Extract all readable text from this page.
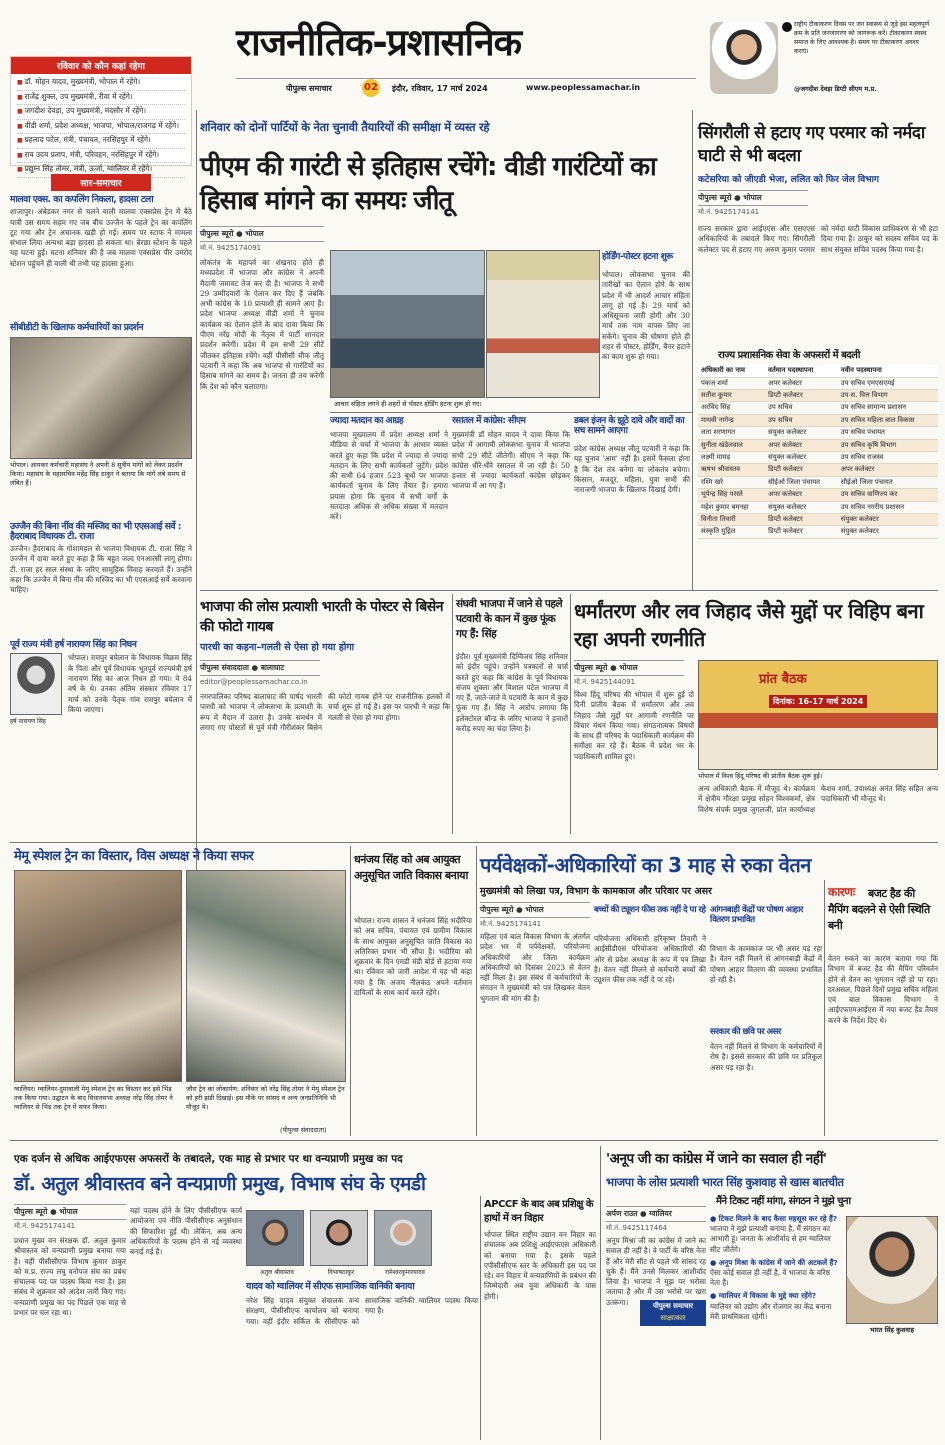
राजनीतिक-प्रशासनिक
पीपुल्स समाचार	02 इंदौर, रविवार, 17 मार्च 2024	www.peoplessamachar.in
राष्ट्रीय टीकाकरण दिवस पर जन स्वास्थ्य से जुड़े इस महत्वपूर्ण क्रम के प्रति जनजागरण को जागरूक करें। टीकाकरण स्वस्थ समाज के लिए आवश्यक है। समय पर टीकाकरण अवश्य कराएं।
@जगदीश देवड़ा डिप्टी सीएम म.प्र.
रविवार को कौन कहां रहेगा
■ डॉ. मोहन यादव, मुख्यमंत्री, भोपाल में रहेंगे।
■ राजेंद्र शुक्ल, उप मुख्यमंत्री, रीवा में रहेंगे।
■ जगदीश देवड़ा, उप मुख्यमंत्री, मंदसौर में रहेंगे।
■ वीडी शर्मा, प्रदेश अध्यक्ष, भाजपा, भोपाल/राजगढ़ में रहेंगे।
■ प्रहलाद पटेल, मंत्री, पंचायत, नरसिंहपुर में रहेंगे।
■ राव उदय प्रताप, मंत्री, परिवहन, नरसिंहपुर में रहेंगे।
■ प्रद्युम्न सिंह तोमर, मंत्री, ऊर्जा, ग्वालियर में रहेंगे।
सार-समाचार
मालवा एक्स. का कपलिंग निकला, हादसा टला
शाजापुर। अंबेडकर नगर से चलने वाली मालवा एक्सप्रेस ट्रेन में बैठे यात्री उस समय सहम गए जब बीच उज्जैन के पहले ट्रेन का कपलिंग टूट गया और ट्रेन अचानक खड़ी हो गई। समय पर स्टाफ ने मामला संभाल लिया अन्यथा बड़ा हादसा हो सकता था। बेरछा स्टेशन के पहले यह घटना हुई। घटना शनिवार की है जब मालवा एक्सप्रेस पीर उमरोद स्टेशन पहुंचने ही वाली थी तभी यह हादसा हुआ।
सीबीडीटी के खिलाफ कर्मचारियों का प्रदर्शन
भोपाल। आयकर कर्मचारी महासंघ ने अपनी 8 सूत्रीय मांगों को लेकर प्रदर्शन किया। महासंघ के महासचिव महेंद्र सिंह ठाकुर ने बताया कि मांगें लंबे समय से लंबित हैं।
उज्जैन की बिना नींव की मस्जिद का भी एएसआई सर्वे : हैदराबाद विधायक टी. राजा
उज्जैन। हैदराबाद के गोशामहल से भाजपा विधायक टी. राजा सिंह ने उज्जैन में दावा करते हुए कहा है कि बहुत जल्द एनआरसी लागू होगा। टी. राजा हर साल संस्था के जरिए सामूहिक विवाह करवाते हैं। उन्होंने कहा कि उज्जैन में बिना नींव की मस्जिद का भी एएसआई सर्वे करवाना चाहिए।
पूर्व राज्य मंत्री हर्ष नारायण सिंह का निधन
हर्ष नारायण सिंह
भोपाल। रामपुर बघेलान के विधायक विक्रम सिंह के पिता और पूर्व विधायक भूतपूर्व राज्यमंत्री हर्ष नारायण सिंह का आज निधन हो गया। वे 84 वर्ष के थे। उनका अंतिम संस्कार रविवार 17 मार्च को उनके पैतृक गांव रामपुर बघेलान में किया जाएगा।
शनिवार को दोनों पार्टियों के नेता चुनावी तैयारियों की समीक्षा में व्यस्त रहे
पीएम की गारंटी से इतिहास रचेंगे: वीडी गारंटियों का हिसाब मांगने का समयः जीतू
पीपुल्स ब्यूरो ● भोपाल
मो.नं. 9425174091
लोकतंत्र के महापर्व का शंखनाद होते ही मध्यप्रदेश में भाजपा और कांग्रेस ने अपनी मैदानी जमावट तेज कर दी है। भाजपा ने सभी 29 उम्मीदवारों के ऐलान कर दिए हैं जबकि अभी कांग्रेस के 10 प्रत्याशी ही सामने आए हैं। प्रदेश भाजपा अध्यक्ष वीडी शर्मा ने चुनाव कार्यक्रम का ऐलान होने के बाद दावा किया कि पीएम नरेंद्र मोदी के नेतृत्व में पार्टी शानदार प्रदर्शन करेगी। प्रदेश में हम सभी 29 सीटें जीतकर इतिहास रचेंगे। वहीं पीसीसी चीफ जीतू पटवारी ने कहा कि अब भाजपा से गारंटियों का हिसाब मांगने का समय है। जनता ही तय करेगी कि देश को कौन चलाएगा।
आचार संहिता लगने ही शहरों से पोस्टर होर्डिंग हटना शुरू हो गए।
होर्डिंग-पोस्टर हटना शुरू
भोपाल। लोकसभा चुनाव की तारीखों का ऐलान होने के साथ प्रदेश में भी आदर्श आचार संहिता लागू हो गई है। 29 मार्च को अधिसूचना जारी होगी और 30 मार्च तक नाम वापस लिए जा सकेंगे। चुनाव की घोषणा होते ही शहर से पोस्टर, होर्डिंग, बैनर हटाने का काम शुरू हो गया।
ज्यादा मतदान का आग्रह
भाजपा मुख्यालय में प्रदेश अध्यक्ष शर्मा ने मीडिया से चर्चा में भाजपा के आभार व्यक्त करते हुए कहा कि प्रदेश में ज्यादा से ज्यादा मतदान के लिए सभी कार्यकर्ता जुटेंगे। प्रदेश की सभी 64 हजार 523 बूथों पर भाजपा कार्यकर्ता चुनाव के लिए तैयार हैं। हमारा प्रयास होगा कि चुनाव में सभी वर्गों के मतदाता अधिक से अधिक संख्या में मतदान करें।
रसातल में कांग्रेस: सीएम
मुख्यमंत्री डॉ मोहन यादव ने दावा किया कि प्रदेश में आगामी लोकसभा चुनाव में भाजपा सभी 29 सीटें जीतेगी। सीएम ने कहा कि कांग्रेस धीरे-धीरे रसातल में जा रही है। 50 हजार से ज्यादा कार्यकर्ता कांग्रेस छोड़कर भाजपा में आ गए हैं।
डबल इंजन के झूठे दावे और वादों का सच सामने आएगा
प्रदेश कांग्रेस अध्यक्ष जीतू पटवारी ने कहा कि यह चुनाव 'आम' नहीं है। इसमें फैसला होना है कि देश तंत्र बनेगा या लोकतंत्र बचेगा। किसान, मजदूर, महिला, युवा सभी की नाराजगी भाजपा के खिलाफ दिखाई देगी।
सिंगरौली से हटाए गए परमार को नर्मदा घाटी से भी बदला
कटेसरिया को जीएडी भेजा, ललित को फिर जेल विभाग
पीपुल्स ब्यूरो ● भोपाल
मो.नं. 9425174141
राज्य सरकार द्वारा आईएएस और एसएएस अधिकारियों के तबादले किए गए। सिंगरौली कलेक्टर पद से हटाए गए अरुण कुमार परमार को नर्मदा घाटी विकास प्राधिकरण से भी हटा दिया गया है। ठाकुर को सदस्य सचिव पद के साथ संयुक्त सचिव पदस्थ किया गया है।
राज्य प्रशासनिक सेवा के अफसरों में बदली
अधिकारी का नाम	वर्तमान पदस्थापना	नवीन पदस्थापना
पंकज शर्मा	अपर कलेक्टर	उप सचिव एमएसएमई
सतीश कुमार	डिप्टी कलेक्टर	उप स. वित्त विभाग
अरविंद सिंह	उप सचिव	उप सचिव सामान्य प्रशासन
माधवी नागेन्द्र	उप सचिव	उप सचिव महिला बाल विकास
लता शरणागत	संयुक्त कलेक्टर	उप सचिव पंचायत
सुनीता खंडेलवाल	अपर कलेक्टर	उप सचिव कृषि विभाग
लक्ष्मी मामड़	संयुक्त कलेक्टर	उप सचिव राजस्व
ऋषभ श्रीवास्तव	डिप्टी कलेक्टर	अपर कलेक्टर
रश्मि खरे	सीईओ जिला पंचायत	सीईओ जिला पंचायत
भूपेन्द्र सिंह परस्ते	अपर कलेक्टर	उप सचिव वाणिज्य कर
महेश कुमार बमनहा	संयुक्त कलेक्टर	उप सचिव नगरीय प्रशासन
विनीता तिवारी	डिप्टी कलेक्टर	संयुक्त कलेक्टर
संस्कृति मुद्गिल	डिप्टी कलेक्टर	संयुक्त कलेक्टर
भाजपा की लोस प्रत्याशी भारती के पोस्टर से बिसेन की फोटो गायब
पारधी का कहना–गलती से ऐसा हो गया होगा
पीपुल्स संवाददाता ● बालाघाट
editor@peoplessamachar.co.in
नगरपालिका परिषद बालाघाट की पार्षद भारती पारधी को भाजपा ने लोकसभा के प्रत्याशी के रूप में मैदान में उतारा है। उनके समर्थन में लगाए गए पोस्टरों से पूर्व मंत्री गौरीशंकर बिसेन की फोटो गायब होने पर राजनीतिक हलकों में चर्चा शुरू हो गई है। इस पर पारधी ने कहा कि गलती से ऐसा हो गया होगा।
संघवी भाजपा में जाने से पहले पटवारी के कान में कुछ फूंक गए हैं: सिंह
इंदौर। पूर्व मुख्यमंत्री दिग्विजय सिंह शनिवार को इंदौर पहुंचे। उन्होंने पत्रकारों से चर्चा करते हुए कहा कि कांग्रेस के पूर्व विधायक संजय शुक्ला और विशाल पटेल भाजपा में गए हैं, जाते-जाते वे पटवारी के कान में कुछ फूंक गए हैं। सिंह ने आरोप लगाया कि इलेक्टोरल बॉन्ड के जरिए भाजपा ने हजारों करोड़ रुपए का चंदा लिया है।
धर्मांतरण और लव जिहाद जैसे मुद्दों पर विहिप बना रहा अपनी रणनीति
पीपुल्स ब्यूरो ● भोपाल
मो.नं. 9425144091
विश्व हिंदू परिषद की भोपाल में शुरू हुई दो दिनी प्रांतीय बैठक में धर्मांतरण और लव जिहाद जैसे मुद्दों पर आगामी रणनीति पर विचार मंथन किया गया। संगठनात्मक विषयों के साथ ही परिषद के पदाधिकारी कार्यक्रम की समीक्षा कर रहे हैं। बैठक में प्रदेश भर के पदाधिकारी शामिल हुए।
प्रांत बैठक
दिनांक: 16-17 मार्च 2024
भोपाल में विश्व हिंदू परिषद की प्रांतीय बैठक शुरू हुई।
अन्य अधिकारी बैठक में मौजूद थे। कार्यक्रम में क्षेत्रीय गौरक्षा प्रमुख सोहन विश्वकर्मा, क्षेत्र विशेष संपर्क प्रमुख जुगलजी, प्रांत कार्याध्यक्ष केशव शर्मा, उपाध्यक्ष अनंत सिंह सहित अन्य पदाधिकारी भी मौजूद थे।
मेमू स्पेशल ट्रेन का विस्तार, विस अध्यक्ष ने किया सफर
ग्वालियर। ग्वालियर-दुमावाली मेमू स्पेशल ट्रेन का विस्तार कर इसे भिंड तक किया गया। उद्घाटन के बाद विधानसभा अध्यक्ष नरेंद्र सिंह तोमर ने ग्वालियर से भिंड तक ट्रेन में सफर किया।
जौरा ट्रेन का लोकार्पण: शनिवार को नरेंद्र सिंह तोमर ने मेमू स्पेशल ट्रेन को हरी झंडी दिखाई। इस मौके पर सांसद व अन्य जनप्रतिनिधि भी मौजूद थे।
(पीपुल्स संवाददाता)
धनंजय सिंह को अब आयुक्त अनुसूचित जाति विकास बनाया
भोपाल। राज्य शासन ने धनंजय सिंह भदौरिया को अब सचिव, पंचायत एवं ग्रामीण विकास के साथ आयुक्त अनुसूचित जाति विकास का अतिरिक्त प्रभार भी सौंपा है। भदौरिया को शुक्रवार के दिन एमडी मंडी बोर्ड से हटाया गया था। रविवार को जारी आदेश में यह भी कहा गया है कि अजय नीलकंठ अपने वर्तमान दायित्वों के साथ कार्य करते रहेंगे।
पर्यवेक्षकों-अधिकारियों का 3 माह से रुका वेतन
मुख्यमंत्री को लिखा पत्र, विभाग के कामकाज और परिवार पर असर
पीपुल्स ब्यूरो ● भोपाल
मो.नं. 9425174141
महिला एवं बाल विकास विभाग के अंतर्गत प्रदेश भर में पर्यवेक्षकों, परियोजना अधिकारियों और जिला कार्यक्रम अधिकारियों को दिसंबर 2023 से वेतन नहीं मिला है। इस संबंध में कर्मचारियों के संगठन ने मुख्यमंत्री को पत्र लिखकर वेतन भुगतान की मांग की है।
बच्चों की ट्यूशन फीस तक नहीं दे पा रहे
परियोजना अधिकारी हरिकृष्ण तिवारी ने आईसीडीएस परियोजना अधिकारियों की ओर से प्रदेश अध्यक्ष के रूप में पत्र लिखा है। वेतन नहीं मिलने से कर्मचारी बच्चों की ट्यूशन फीस तक नहीं दे पा रहे।
आंगनबाड़ी केंद्रों पर पोषण आहार वितरण प्रभावित
विभाग के कामकाज पर भी असर पड़ रहा है। वेतन नहीं मिलने से आंगनबाड़ी केंद्रों में पोषण आहार वितरण की व्यवस्था प्रभावित हो रही है।
सरकार की छवि पर असर
वेतन नहीं मिलने से विभाग के कर्मचारियों में रोष है। इससे सरकार की छवि पर प्रतिकूल असर पड़ रहा है।
कारणः	बजट हैड की मैपिंग बदलने से ऐसी स्थिति बनी
वेतन रुकने का कारण बताया गया कि विभाग में बजट हैड की मैपिंग परिवर्तन होने से वेतन का भुगतान नहीं हो पा रहा। दरअसल, पिछले दिनों प्रमुख सचिव महिला एवं बाल विकास विभाग ने आईएफएमआईएस में नया बजट हैड तैयार करने के निर्देश दिए थे।
एक दर्जन से अधिक आईएफएस अफसरों के तबादले, एक माह से प्रभार पर था वन्यप्राणी प्रमुख का पद
डॉ. अतुल श्रीवास्तव बने वन्यप्राणी प्रमुख, विभाष संघ के एमडी
पीपुल्स ब्यूरो ● भोपाल
मो.नं. 9425174141
प्रधान मुख्य वन संरक्षक डॉ. अतुल कुमार श्रीवास्तव को वन्यप्राणी प्रमुख बनाया गया है। वहीं पीसीसीएफ विभाष कुमार ठाकुर को म.प्र. राज्य लघु वनोपज संघ का प्रबंध संचालक पद पर पदस्थ किया गया है। इस संबंध में शुक्रवार को आदेश जारी किए गए। वन्यप्राणी प्रमुख का पद पिछले एक माह से प्रभार पर चल रहा था।
यहां पदस्थ होने के लिए पीसीसीएफ कार्य आयोजना एवं नीति पीसीसीएफ अनुसंधान की सिफारिश हुई थी। लेकिन, अब अन्य अधिकारियों के पदस्थ होने से नई व्यवस्था बनाई गई है।
अतुल श्रीवास्तव	विभाषठाकुर	रामेश्वरकुमारयादव
यादव को ग्वालियर में सीएफ सामाजिक वानिकी बनाया
नरेश सिंह यादव संयुक्त संचालक वन्य संरक्षण, पीसीसीएफ कार्यालय को बनाया गया। वहीं इंदौर सर्किल के सीसीएफ को सामाजिक वानिकी ग्वालियर पदस्थ किया गया है।
APCCF के बाद अब प्रशिक्षु के हाथों में वन विहार
भोपाल स्थित राष्ट्रीय उद्यान वन विहार का संचालक अब प्रशिक्षु आईएफएस अधिकारी को बनाया गया है। इसके पहले एपीसीसीएफ स्तर के अधिकारी इस पद पर रहे। वन विहार में वन्यप्राणियों के प्रबंधन की जिम्मेदारी अब युवा अधिकारी के पास होगी।
'अनूप जी का कांग्रेस में जाने का सवाल ही नहीं'
भाजपा के लोस प्रत्याशी भारत सिंह कुशवाह से खास बातचीत
मैंने टिकट नहीं मांगा, संगठन ने मुझे चुना
अर्पण राउत ● ग्वालियर
मो.नं. 9425117464
अनूप मिश्रा जी का कांग्रेस में जाने का सवाल ही नहीं है। वे पार्टी के वरिष्ठ नेता हैं और मेरी सीट से पहले भी सांसद रह चुके हैं। मैंने उनसे मिलकर आशीर्वाद लिया है। भाजपा ने मुझ पर भरोसा जताया है और मैं उस भरोसे पर खरा उतरूंगा।	पीपुल्स समाचार
साक्षात्कार

● टिकट मिलने के बाद कैसा महसूस कर रहे हैं?

भाजपा ने मुझे प्रत्याशी बनाया है, मैं संगठन का आभारी हूं। जनता के आशीर्वाद से हम ग्वालियर सीट जीतेंगे।

● अनूप मिश्रा के कांग्रेस में जाने की अटकलें हैं?

ऐसा कोई सवाल ही नहीं है, वे भाजपा के वरिष्ठ नेता हैं।

● ग्वालियर में विकास के मुद्दे क्या रहेंगे?

ग्वालियर को उद्योग और रोजगार का केंद्र बनाना मेरी प्राथमिकता रहेगी।

भारत सिंह कुशवाह
